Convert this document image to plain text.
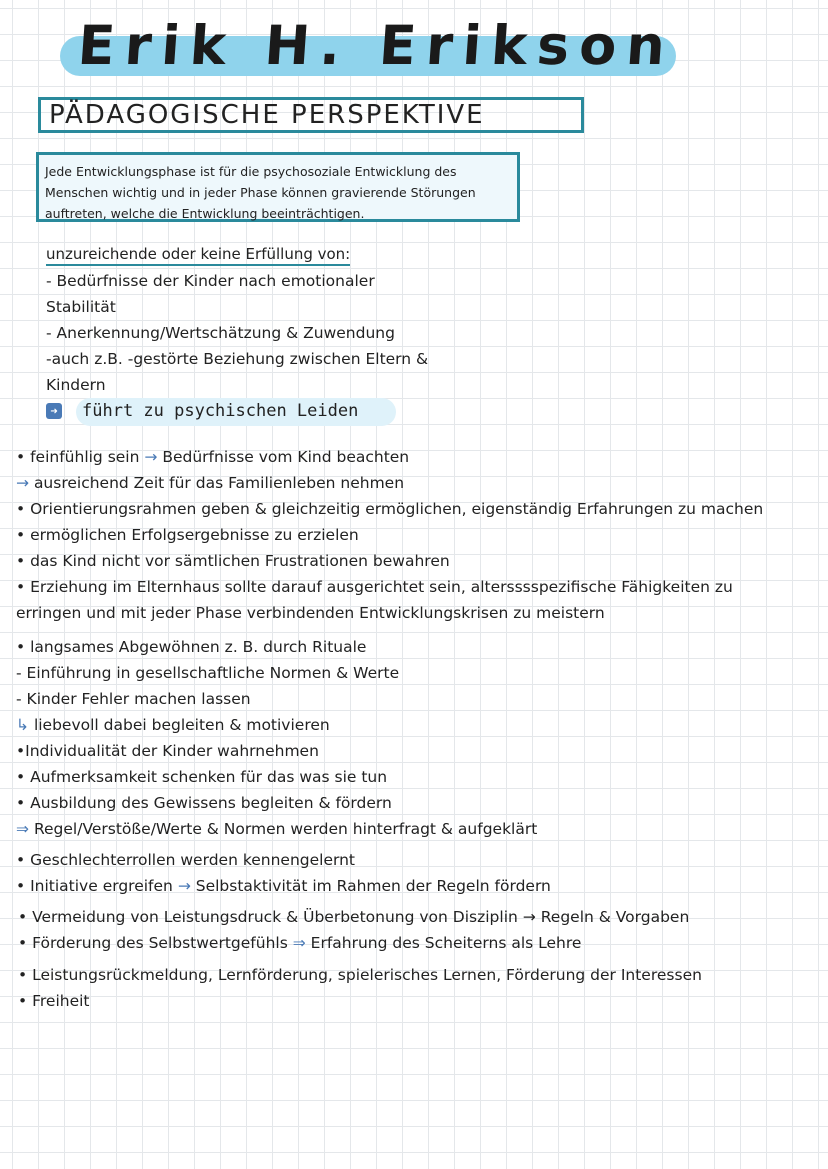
Erik H. Erikson
PÄDAGOGISCHE PERSPEKTIVE
Jede Entwicklungsphase ist für die psychosoziale Entwicklung des
Menschen wichtig und in jeder Phase können gravierende Störungen
auftreten, welche die Entwicklung beeinträchtigen.
unzureichende oder keine Erfüllung von:
- Bedürfnisse der Kinder nach emotionaler
Stabilität
- Anerkennung/Wertschätzung & Zuwendung
-auch z.B. -gestörte Beziehung zwischen Eltern &
Kindern
➜ führt zu psychischen Leiden
• feinfühlig sein → Bedürfnisse vom Kind beachten
→ ausreichend Zeit für das Familienleben nehmen
• Orientierungsrahmen geben & gleichzeitig ermöglichen, eigenständig Erfahrungen zu machen
• ermöglichen Erfolgsergebnisse zu erzielen
• das Kind nicht vor sämtlichen Frustrationen bewahren
• Erziehung im Elternhaus sollte darauf ausgerichtet sein, altersssspezifische Fähigkeiten zu
erringen und mit jeder Phase verbindenden Entwicklungskrisen zu meistern
• langsames Abgewöhnen z. B. durch Rituale
- Einführung in gesellschaftliche Normen & Werte
- Kinder Fehler machen lassen
↳ liebevoll dabei begleiten & motivieren
•Individualität der Kinder wahrnehmen
• Aufmerksamkeit schenken für das was sie tun
• Ausbildung des Gewissens begleiten & fördern
⇒ Regel/Verstöße/Werte & Normen werden hinterfragt & aufgeklärt
• Geschlechterrollen werden kennengelernt
• Initiative ergreifen → Selbstaktivität im Rahmen der Regeln fördern
• Vermeidung von Leistungsdruck & Überbetonung von Disziplin → Regeln & Vorgaben
• Förderung des Selbstwertgefühls ⇒ Erfahrung des Scheiterns als Lehre
• Leistungsrückmeldung, Lernförderung, spielerisches Lernen, Förderung der Interessen
• Freiheit
